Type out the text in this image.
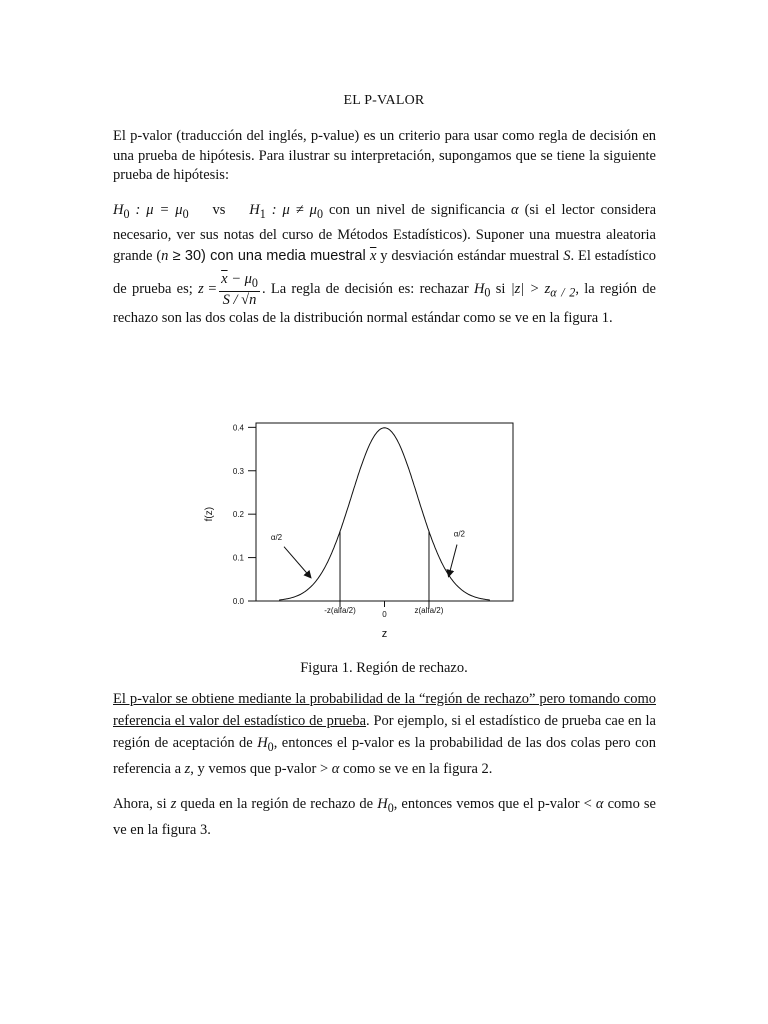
EL P-VALOR
El p-valor (traducción del inglés, p-value) es un criterio para usar como regla de decisión en una prueba de hipótesis. Para ilustrar su interpretación, supongamos que se tiene la siguiente prueba de hipótesis:
$H_0$ : $\mu = \mu_0$ vs $H_1$ : $\mu \ne \mu_0$ con un nivel de significancia α (si el lector considera necesario, ver sus notas del curso de Métodos Estadísticos). Suponer una muestra aleatoria grande (n ≥ 30) con una media muestral $\overline{x}$ y desviación estándar muestral S. El estadístico de prueba es; $z = \frac{\overline{x} - \mu_0}{S / √n}$ . La regla de decisión es: rechazar $H_0$ si $|z| > z_{\alpha / 2}$, la región de rechazo son las dos colas de la distribución normal estándar como se ve en la figura 1.
0.0
0.1
0.2
0.3
0.4
-z(alfa/2)	0	z(alfa/2)
z
f(z)
α/2	α/2
Figura 1. Región de rechazo.
El p-valor se obtiene mediante la probabilidad de la “región de rechazo” pero tomando como referencia el valor del estadístico de prueba. Por ejemplo, si el estadístico de prueba cae en la región de aceptación de $H_0$, entonces el p-valor es la probabilidad de las dos colas pero con referencia a z, y vemos que p-valor > α como se ve en la figura 2.
Ahora, si z queda en la región de rechazo de $H_0$, entonces vemos que el p-valor < α como se ve en la figura 3.
